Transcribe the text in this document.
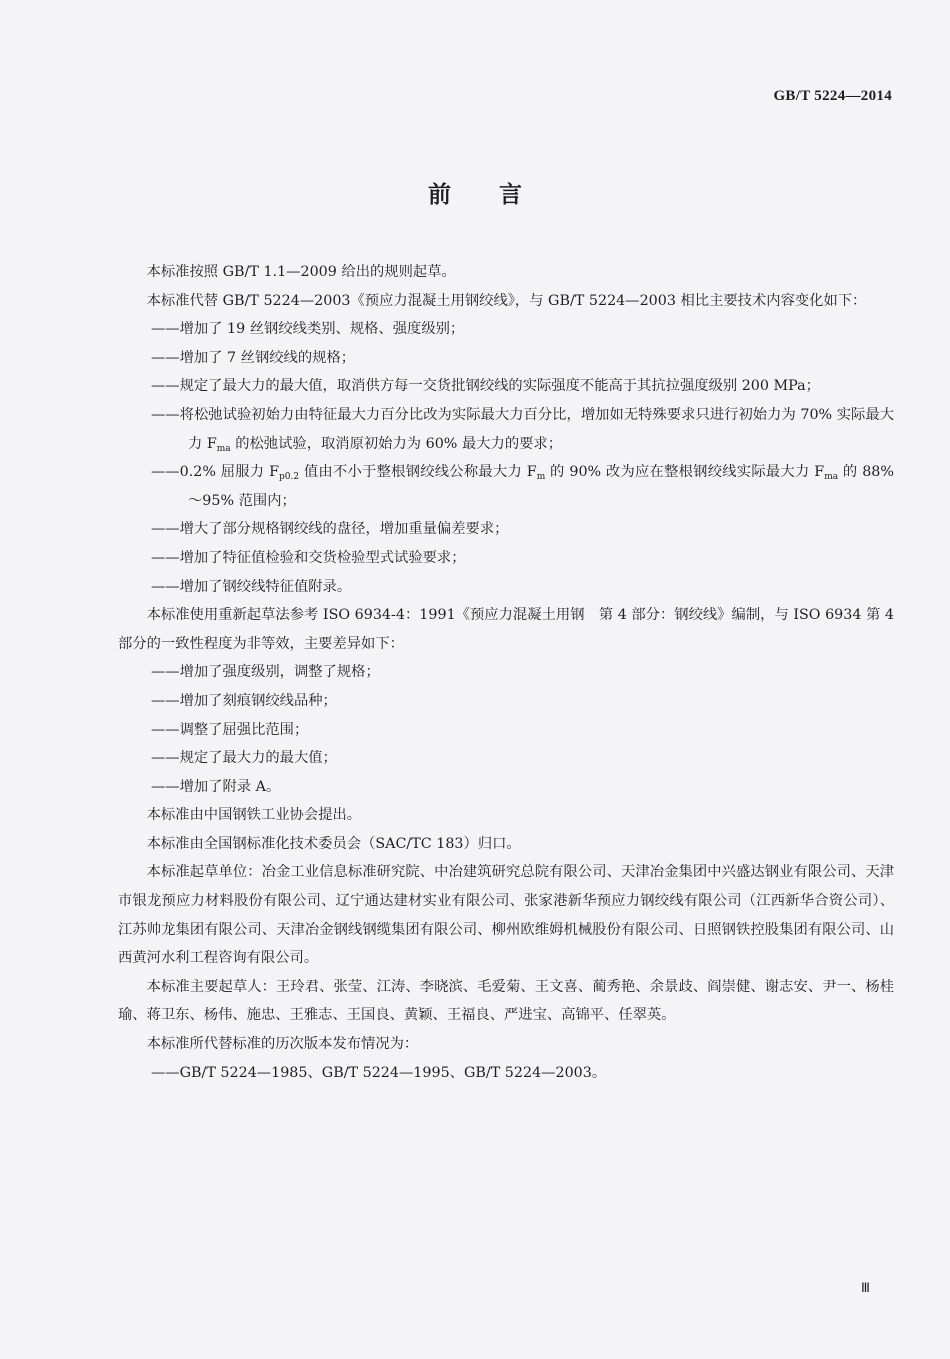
GB/T 5224—2014
前 言

本标准按照 GB/T 1.1—2009 给出的规则起草。

本标准代替 GB/T 5224—2003《预应力混凝土用钢绞线》，与 GB/T 5224—2003 相比主要技术内容变化如下：

——增加了 19 丝钢绞线类别、规格、强度级别；

——增加了 7 丝钢绞线的规格；

——规定了最大力的最大值，取消供方每一交货批钢绞线的实际强度不能高于其抗拉强度级别 200 MPa；

——将松弛试验初始力由特征最大力百分比改为实际最大力百分比，增加如无特殊要求只进行初始力为 70% 实际最大力 $F_{ma}$ 的松弛试验，取消原初始力为 60% 最大力的要求；

——0.2% 屈服力 $F_{p0.2}$ 值由不小于整根钢绞线公称最大力 $F_m$ 的 90% 改为应在整根钢绞线实际最大力 $F_{ma}$ 的 88%～95% 范围内；

——增大了部分规格钢绞线的盘径，增加重量偏差要求；

——增加了特征值检验和交货检验型式试验要求；

——增加了钢绞线特征值附录。

本标准使用重新起草法参考 ISO 6934-4：1991《预应力混凝土用钢　第 4 部分：钢绞线》编制，与 ISO 6934 第 4 部分的一致性程度为非等效，主要差异如下：

——增加了强度级别，调整了规格；

——增加了刻痕钢绞线品种；

——调整了屈强比范围；

——规定了最大力的最大值；

——增加了附录 A。

本标准由中国钢铁工业协会提出。

本标准由全国钢标准化技术委员会（SAC/TC 183）归口。

本标准起草单位：冶金工业信息标准研究院、中冶建筑研究总院有限公司、天津冶金集团中兴盛达钢业有限公司、天津市银龙预应力材料股份有限公司、辽宁通达建材实业有限公司、张家港新华预应力钢绞线有限公司（江西新华合资公司）、江苏帅龙集团有限公司、天津冶金钢线钢缆集团有限公司、柳州欧维姆机械股份有限公司、日照钢铁控股集团有限公司、山西黄河水利工程咨询有限公司。

本标准主要起草人：王玲君、张莹、江涛、李晓滨、毛爱菊、王文喜、蔺秀艳、余景歧、阎崇健、谢志安、尹一、杨桂瑜、蒋卫东、杨伟、施忠、王雅志、王国良、黄颖、王福良、严进宝、高锦平、任翠英。

本标准所代替标准的历次版本发布情况为：

——GB/T 5224—1985、GB/T 5224—1995、GB/T 5224—2003。

Ⅲ
